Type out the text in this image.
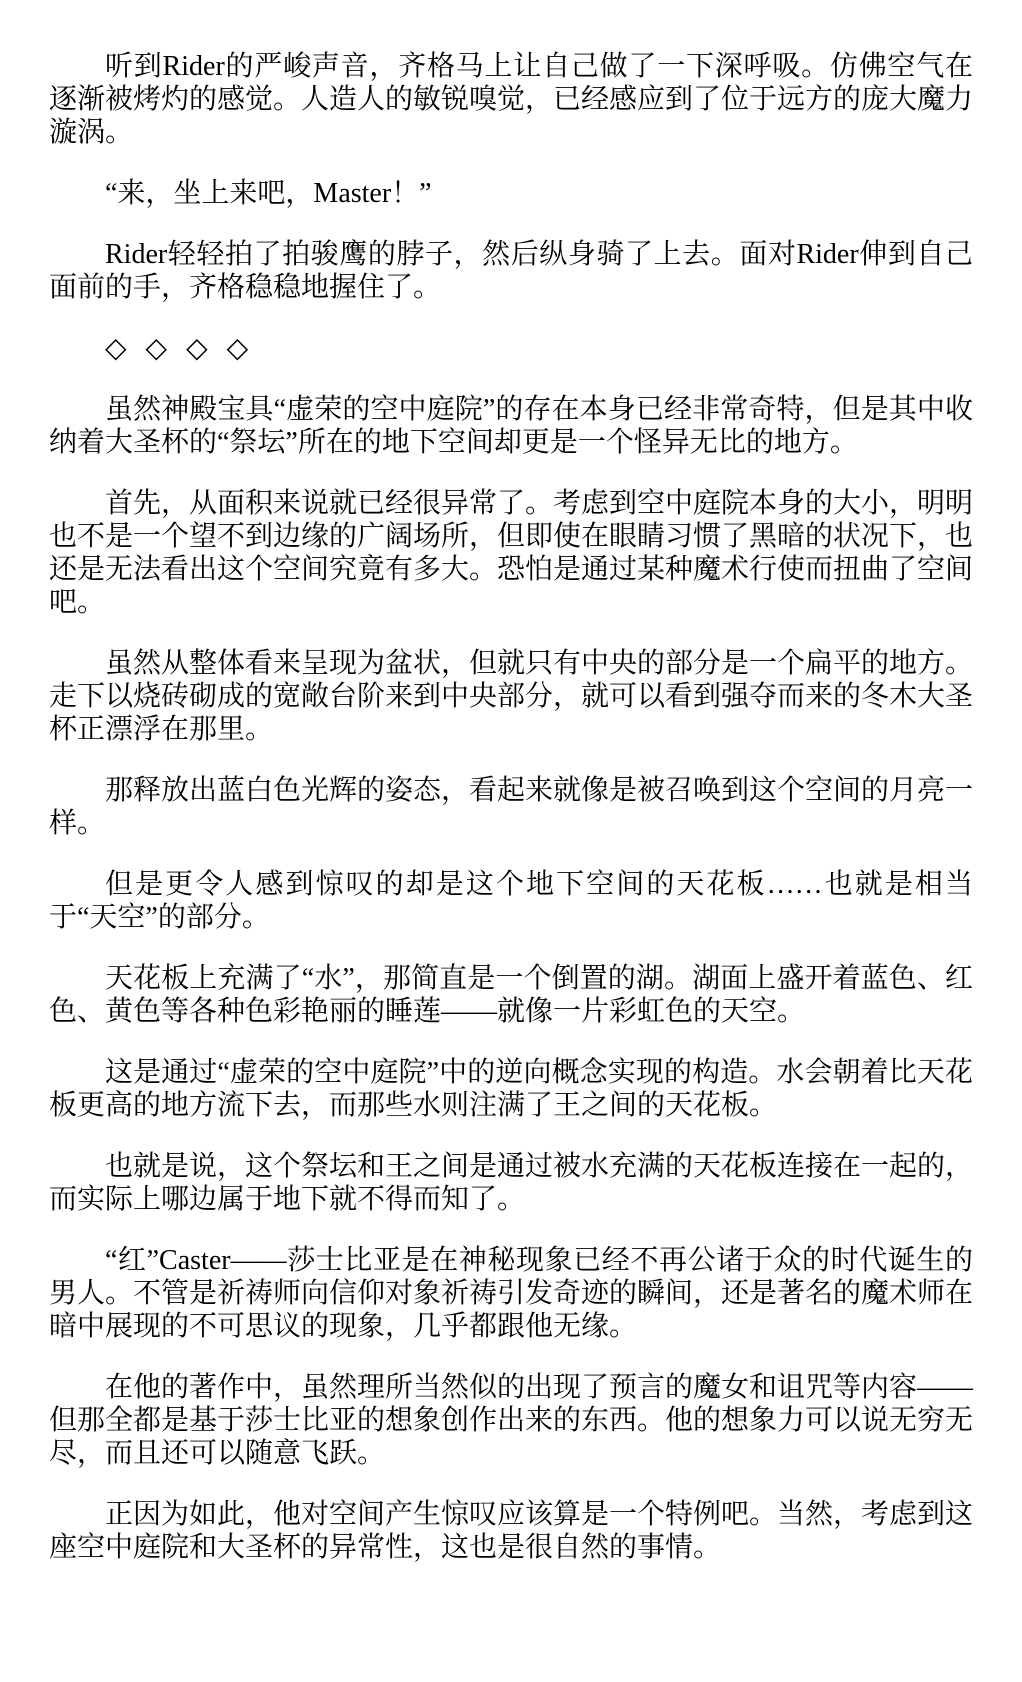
听到Rider的严峻声音，齐格马上让自己做了一下深呼吸。仿佛空气在逐渐被烤灼的感觉。人造人的敏锐嗅觉，已经感应到了位于远方的庞大魔力漩涡。

“来，坐上来吧，Master！”

Rider轻轻拍了拍骏鹰的脖子，然后纵身骑了上去。面对Rider伸到自己面前的手，齐格稳稳地握住了。

◇ ◇ ◇ ◇

虽然神殿宝具“虚荣的空中庭院”的存在本身已经非常奇特，但是其中收纳着大圣杯的“祭坛”所在的地下空间却更是一个怪异无比的地方。

首先，从面积来说就已经很异常了。考虑到空中庭院本身的大小，明明也不是一个望不到边缘的广阔场所，但即使在眼睛习惯了黑暗的状况下，也还是无法看出这个空间究竟有多大。恐怕是通过某种魔术行使而扭曲了空间吧。

虽然从整体看来呈现为盆状，但就只有中央的部分是一个扁平的地方。走下以烧砖砌成的宽敞台阶来到中央部分，就可以看到强夺而来的冬木大圣杯正漂浮在那里。

那释放出蓝白色光辉的姿态，看起来就像是被召唤到这个空间的月亮一样。

但是更令人感到惊叹的却是这个地下空间的天花板……也就是相当于“天空”的部分。

天花板上充满了“水”，那简直是一个倒置的湖。湖面上盛开着蓝色、红色、黄色等各种色彩艳丽的睡莲——就像一片彩虹色的天空。

这是通过“虚荣的空中庭院”中的逆向概念实现的构造。水会朝着比天花板更高的地方流下去，而那些水则注满了王之间的天花板。

也就是说，这个祭坛和王之间是通过被水充满的天花板连接在一起的，而实际上哪边属于地下就不得而知了。

“红”Caster——莎士比亚是在神秘现象已经不再公诸于众的时代诞生的男人。不管是祈祷师向信仰对象祈祷引发奇迹的瞬间，还是著名的魔术师在暗中展现的不可思议的现象，几乎都跟他无缘。

在他的著作中，虽然理所当然似的出现了预言的魔女和诅咒等内容——但那全都是基于莎士比亚的想象创作出来的东西。他的想象力可以说无穷无尽，而且还可以随意飞跃。

正因为如此，他对空间产生惊叹应该算是一个特例吧。当然，考虑到这座空中庭院和大圣杯的异常性，这也是很自然的事情。
